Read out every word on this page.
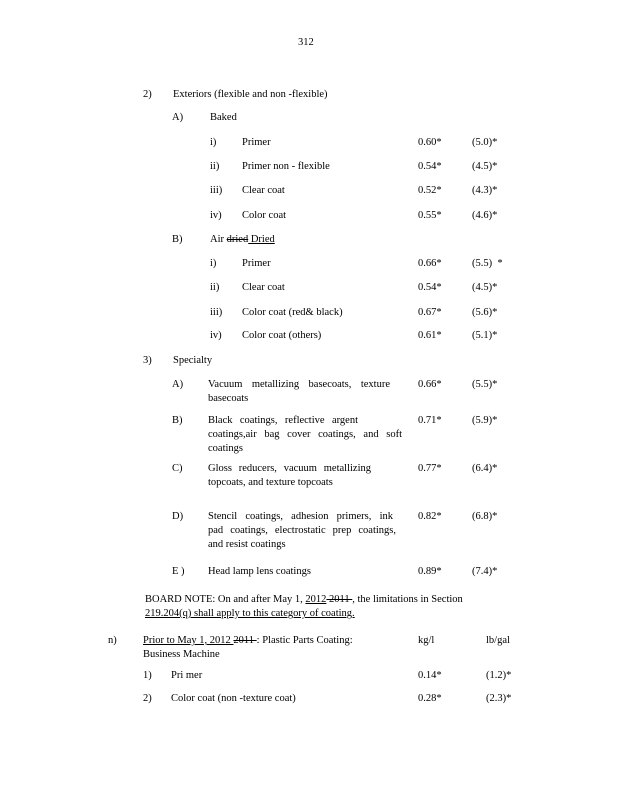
312
2) Exteriors (flexible and non -flexible)
A)	Baked
i) Primer	0.60*	(5.0)*
ii) Primer non - flexible	0.54*	(4.5)*
iii) Clear coat	0.52*	(4.3)*
iv) Color coat	0.55*	(4.6)*
B)	Air dried Dried
i) Primer	0.66*	(5.5)  *
ii) Clear coat	0.54*	(4.5)*
iii) Color coat (red& black)	0.67*	(5.6)*
iv) Color coat (others)	0.61*	(5.1)*
3) Specialty
A) Vacuum metallizing basecoats, texture
basecoats
0.66*	(5.5)*
B) Black coatings, reflective argent
coatings,air bag cover coatings, and soft
coatings
0.71*	(5.9)*
C) Gloss reducers, vacuum metallizing
topcoats, and texture topcoats
0.77*	(6.4)*
D) Stencil coatings, adhesion primers, ink
pad coatings, electrostatic prep coatings,
and resist coatings
0.82*	(6.8)*
E ) Head lamp lens coatings	0.89*	(7.4)*
BOARD NOTE: On and after May 1, 2012 2011 , the limitations in Section
219.204(q) shall apply to this category of coating.
n)	Prior to May 1, 2012 2011 : Plastic Parts Coating:
Business Machine
kg/l	lb/gal
1) Pri mer	0.14*	(1.2)*
2) Color coat (non -texture coat)	0.28*	(2.3)*
